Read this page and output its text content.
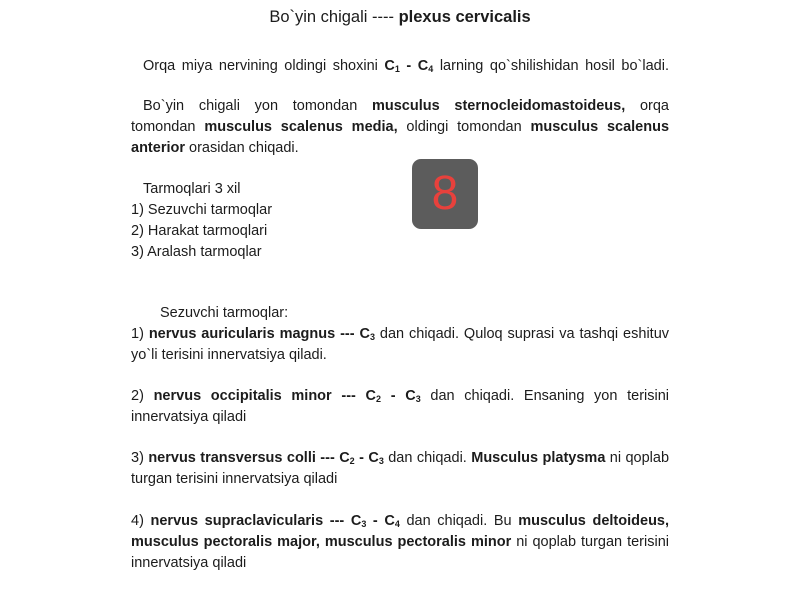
Bo`yin chigali ---- plexus cervicalis
Orqa miya nervining oldingi shoxini $C_1 - C_4$ larning qo`shilishidan hosil bo`ladi.
Bo`yin chigali yon tomondan musculus sternocleidomastoideus, orqa
tomondan musculus scalenus media, oldingi tomondan musculus scalenus
anterior orasidan chiqadi.
8
Tarmoqlari 3 xil
1) Sezuvchi tarmoqlar
2) Harakat tarmoqlari
3) Aralash tarmoqlar
Sezuvchi tarmoqlar:
1) nervus auricularis magnus --- $C_3$ dan chiqadi. Quloq suprasi va tashqi eshituv
yo`li terisini innervatsiya qiladi.
2) nervus occipitalis minor --- $C_2 - C_3$ dan chiqadi. Ensaning yon terisini
innervatsiya qiladi
3) nervus transversus colli --- $C_2 - C_3$ dan chiqadi. Musculus platysma ni qoplab
turgan terisini innervatsiya qiladi
4) nervus supraclavicularis --- $C_3 - C_4$ dan chiqadi. Bu musculus deltoideus,
musculus pectoralis major, musculus pectoralis minor ni qoplab turgan terisini
innervatsiya qiladi
